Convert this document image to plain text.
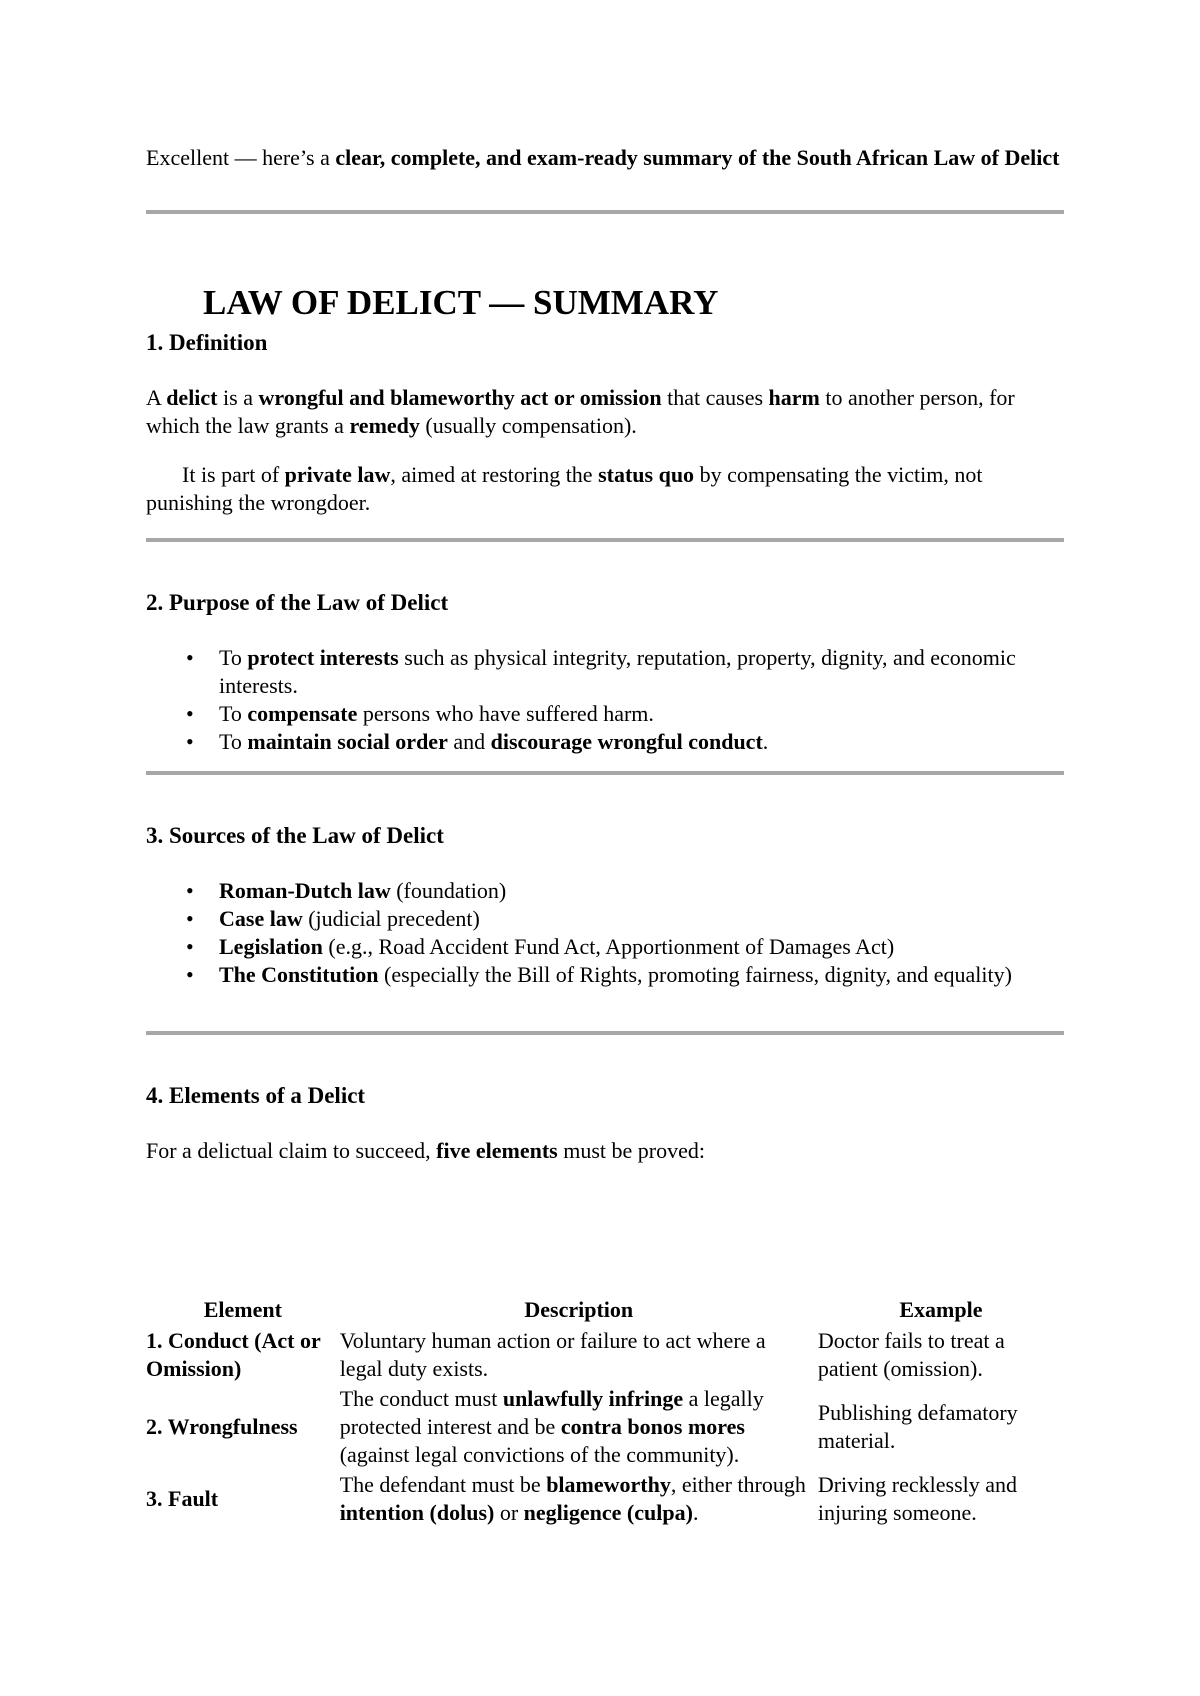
Excellent — here’s a clear, complete, and exam-ready summary of the South African Law of Delict

LAW OF DELICT — SUMMARY
1. Definition

A delict is a wrongful and blameworthy act or omission that causes harm to another person, for which the law grants a remedy (usually compensation).

It is part of private law, aimed at restoring the status quo by compensating the victim, not punishing the wrongdoer.

2. Purpose of the Law of Delict
• To protect interests such as physical integrity, reputation, property, dignity, and economic interests.
• To compensate persons who have suffered harm.
• To maintain social order and discourage wrongful conduct.
3. Sources of the Law of Delict
• Roman-Dutch law (foundation)
• Case law (judicial precedent)
• Legislation (e.g., Road Accident Fund Act, Apportionment of Damages Act)
• The Constitution (especially the Bill of Rights, promoting fairness, dignity, and equality)
4. Elements of a Delict

For a delictual claim to succeed, five elements must be proved:

Element	Description	Example
1. Conduct (Act or Omission)	Voluntary human action or failure to act where a legal duty exists.	Doctor fails to treat a patient (omission).
2. Wrongfulness	The conduct must unlawfully infringe a legally protected interest and be contra bonos mores (against legal convictions of the community).	Publishing defamatory material.
3. Fault	The defendant must be blameworthy, either through intention (dolus) or negligence (culpa).	Driving recklessly and injuring someone.
